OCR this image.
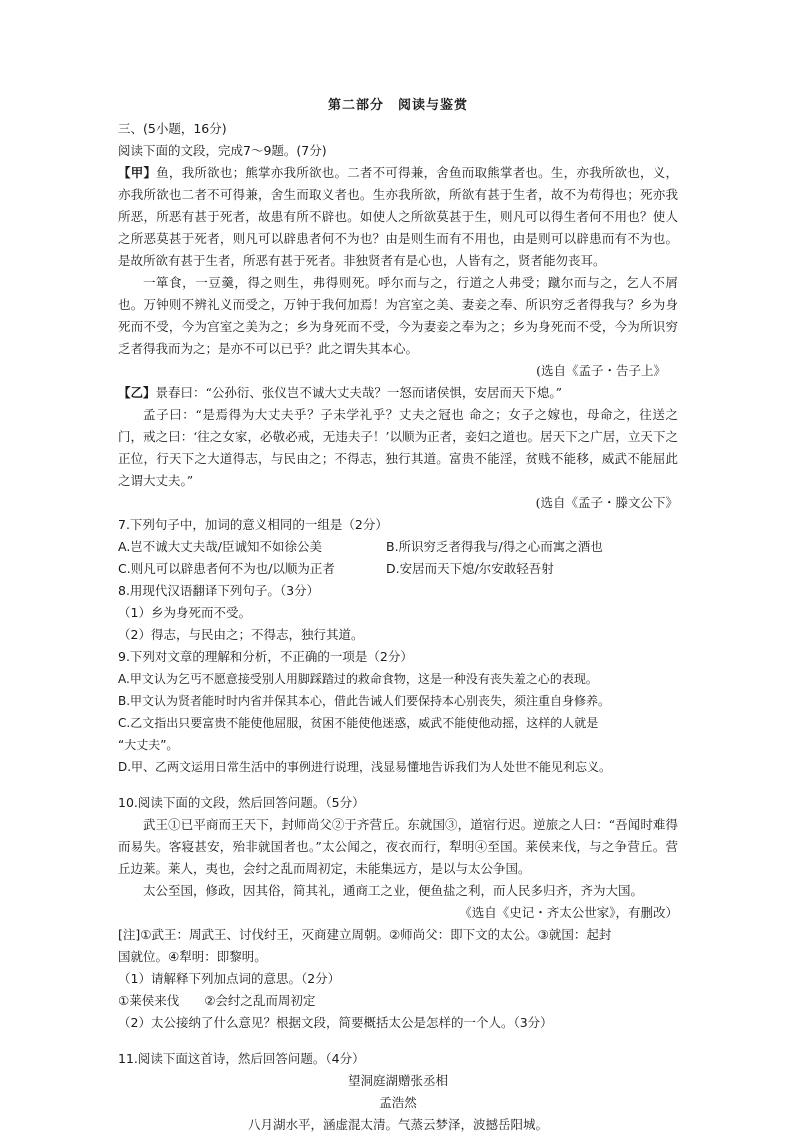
第二部分　阅读与鉴赏

三、(5小题，16分)

阅读下面的文段，完成7～9题。(7分)

【甲】鱼，我所欲也；熊掌亦我所欲也。二者不可得兼，舍鱼而取熊掌者也。生，亦我所欲也，义，亦我所欲也二者不可得兼，舍生而取义者也。生亦我所欲，所欲有甚于生者，故不为苟得也；死亦我所恶，所恶有甚于死者，故患有所不辟也。如使人之所欲莫甚于生，则凡可以得生者何不用也？使人之所恶莫甚于死者，则凡可以辟患者何不为也？由是则生而有不用也，由是则可以辟患而有不为也。是故所欲有甚于生者，所恶有甚于死者。非独贤者有是心也，人皆有之，贤者能勿丧耳。

一箪食，一豆羹，得之则生，弗得则死。呼尔而与之，行道之人弗受；蹴尔而与之，乞人不屑也。万钟则不辨礼义而受之，万钟于我何加焉！为宫室之美、妻妾之奉、所识穷乏者得我与？乡为身死而不受，今为宫室之美为之；乡为身死而不受，今为妻妾之奉为之；乡为身死而不受，今为所识穷乏者得我而为之；是亦不可以已乎？此之谓失其本心。

(选自《孟子・告子上》

【乙】景春曰：“公孙衍、张仪岂不诚大丈夫哉？一怒而诸侯惧，安居而天下熄。”

孟子曰：“是焉得为大丈夫乎？子未学礼乎？丈夫之冠也 命之；女子之嫁也，母命之，往送之门，戒之曰：‘往之女家，必敬必戒，无违夫子！’以顺为正者，妾妇之道也。居天下之广居，立天下之正位，行天下之大道得志，与民由之；不得志，独行其道。富贵不能淫，贫贱不能移，威武不能屈此之谓大丈夫。”

(选自《孟子・滕文公下》

7.下列句子中，加词的意义相同的一组是（2分）

A.岂不诚大丈夫哉/臣诚知不如徐公美	B.所识穷乏者得我与/得之心而寓之酒也
C.则凡可以辟患者何不为也/以顺为正者	D.安居而天下熄/尔安敢轻吾射

8.用现代汉语翻译下列句子。（3分）

（1）乡为身死而不受。

（2）得志，与民由之；不得志，独行其道。

9.下列对文章的理解和分析，不正确的一项是（2分）

A.甲文认为乞丐不愿意接受别人用脚踩踏过的救命食物，这是一种没有丧失羞之心的表现。

B.甲文认为贤者能时时内省并保其本心，借此告诫人们要保持本心别丧失，须注重自身修养。

C.乙文指出只要富贵不能使他屈服，贫困不能使他迷惑，威武不能使他动摇，这样的人就是

“大丈夫”。

D.甲、乙两文运用日常生活中的事例进行说理，浅显易懂地告诉我们为人处世不能见利忘义。

10.阅读下面的文段，然后回答问题。（5分）

武王①已平商而王天下，封师尚父②于齐营丘。东就国③，道宿行迟。逆旅之人曰：“吾闻时难得而易失。客寝甚安，殆非就国者也。”太公闻之，夜衣而行，犁明④至国。莱侯来伐，与之争营丘。营丘边莱。莱人，夷也，会纣之乱而周初定，未能集远方，是以与太公争国。

太公至国，修政，因其俗，简其礼，通商工之业，便鱼盐之利，而人民多归齐，齐为大国。

《选自《史记・齐太公世家》，有删改）

[注]①武王：周武王、讨伐纣王，灭商建立周朝。②师尚父：即下文的太公。③就国：起封

国就位。④犁明：即黎明。

（1）请解释下列加点词的意思。（2分）

①莱侯来伐　　②会纣之乱而周初定

（2）太公接纳了什么意见？根据文段，简要概括太公是怎样的一个人。（3分）

11.阅读下面这首诗，然后回答问题。（4分）

望洞庭湖赠张丞相

孟浩然

八月湖水平，涵虚混太清。气蒸云梦泽，波撼岳阳城。
